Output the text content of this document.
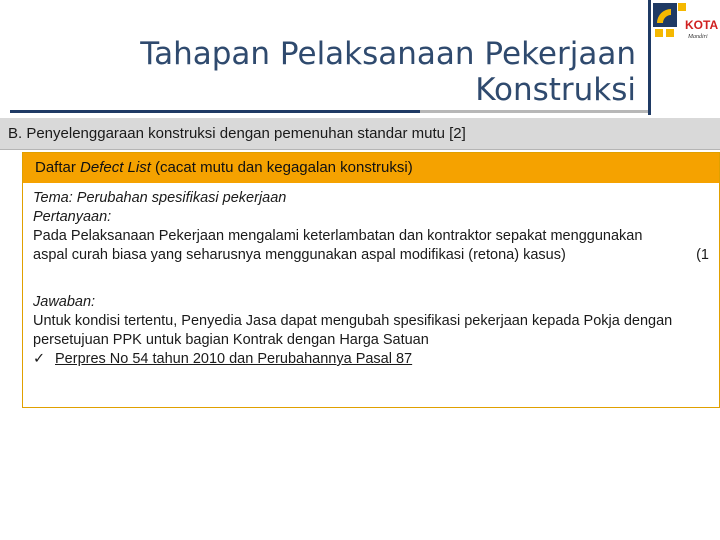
Tahapan Pelaksanaan Pekerjaan
Konstruksi
KOTA
Mandiri
B. Penyelenggaraan konstruksi dengan pemenuhan standar mutu [2]
Daftar Defect List (cacat mutu dan kegagalan konstruksi)
Tema: Perubahan spesifikasi pekerjaan
Pertanyaan:

Pada Pelaksanaan Pekerjaan mengalami keterlambatan dan kontraktor sepakat menggunakan aspal curah biasa yang seharusnya menggunakan aspal modifikasi (retona) kasus)	(1
Jawaban:

Untuk kondisi tertentu, Penyedia Jasa dapat mengubah spesifikasi pekerjaan kepada Pokja dengan persetujuan PPK untuk bagian Kontrak dengan Harga Satuan

✓ Perpres No 54 tahun 2010 dan Perubahannya Pasal 87
